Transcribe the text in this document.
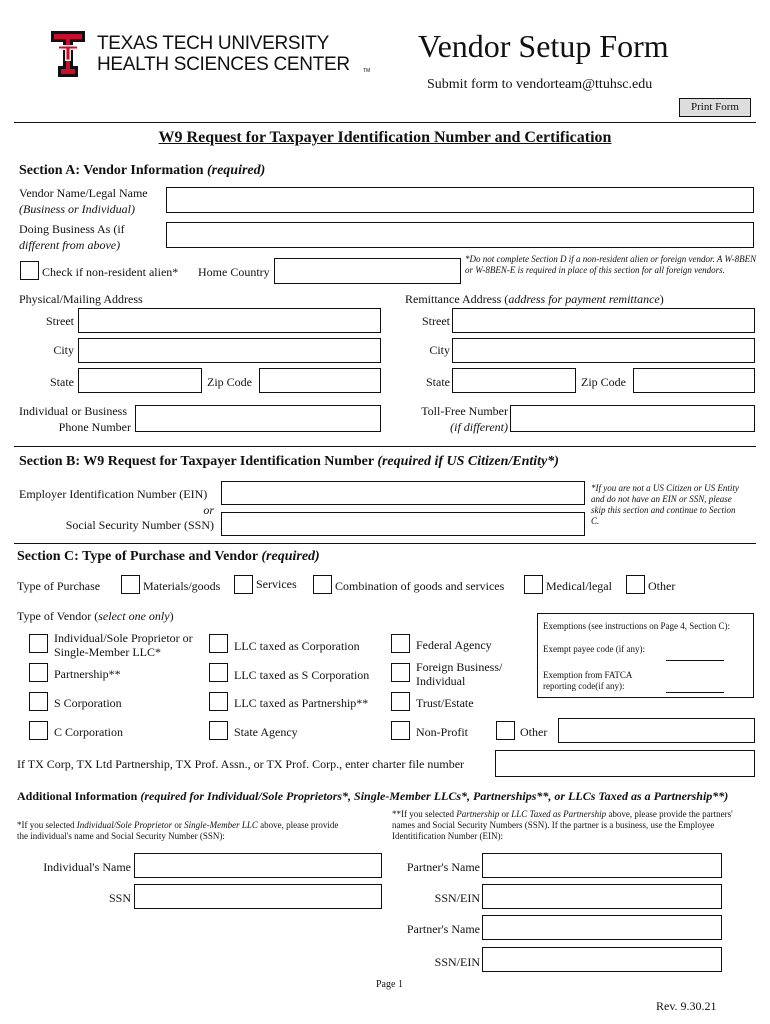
TEXAS TECH UNIVERSITY
HEALTH SCIENCES CENTER	TM
Vendor Setup Form
Submit form to vendorteam@ttuhsc.edu
Print Form
W9 Request for Taxpayer Identification Number and Certification
Section A: Vendor Information (required)
Vendor Name/Legal Name
(Business or Individual)
Doing Business As (if
different from above)
Check if non-resident alien* Home Country
*Do not complete Section D if a non-resident alien or foreign vendor. A W-8BEN or W-8BEN-E is required in place of this section for all foreign vendors.
Physical/Mailing Address	Remittance Address (address for payment remittance)
Street	Street
City	City
State	Zip Code	State	Zip Code
Individual or Business
Phone Number
Toll-Free Number
(if different)
Section B: W9 Request for Taxpayer Identification Number (required if US Citizen/Entity*)
Employer Identification Number (EIN)
or
Social Security Number (SSN)
*If you are not a US Citizen or US Entity and do not have an EIN or SSN, please skip this section and continue to Section C.
Section C: Type of Purchase and Vendor (required)
Type of Purchase	Materials/goods	Services	Combination of goods and services	Medical/legal	Other
Type of Vendor (select one only)
Individual/Sole Proprietor or
Single-Member LLC*
Partnership**
S Corporation
C Corporation
LLC taxed as Corporation
LLC taxed as S Corporation
LLC taxed as Partnership**
State Agency
Federal Agency
Foreign Business/
Individual
Trust/Estate
Non-Profit	Other
Exemptions (see instructions on Page 4, Section C):
Exempt payee code (if any):
Exemption from FATCA
reporting code(if any):
If TX Corp, TX Ltd Partnership, TX Prof. Assn., or TX Prof. Corp., enter charter file number
Additional Information (required for Individual/Sole Proprietors*, Single-Member LLCs*, Partnerships**, or LLCs Taxed as a Partnership**)
*If you selected Individual/Sole Proprietor or Single-Member LLC above, please provide the individual's name and Social Security Number (SSN):
**If you selected Partnership or LLC Taxed as Partnership above, please provide the partners' names and Social Security Numbers (SSN). If the partner is a business, use the Employee Identitification Number (EIN):
Individual's Name
SSN
Partner's Name
SSN/EIN
Partner's Name
SSN/EIN
Page 1
Rev. 9.30.21
